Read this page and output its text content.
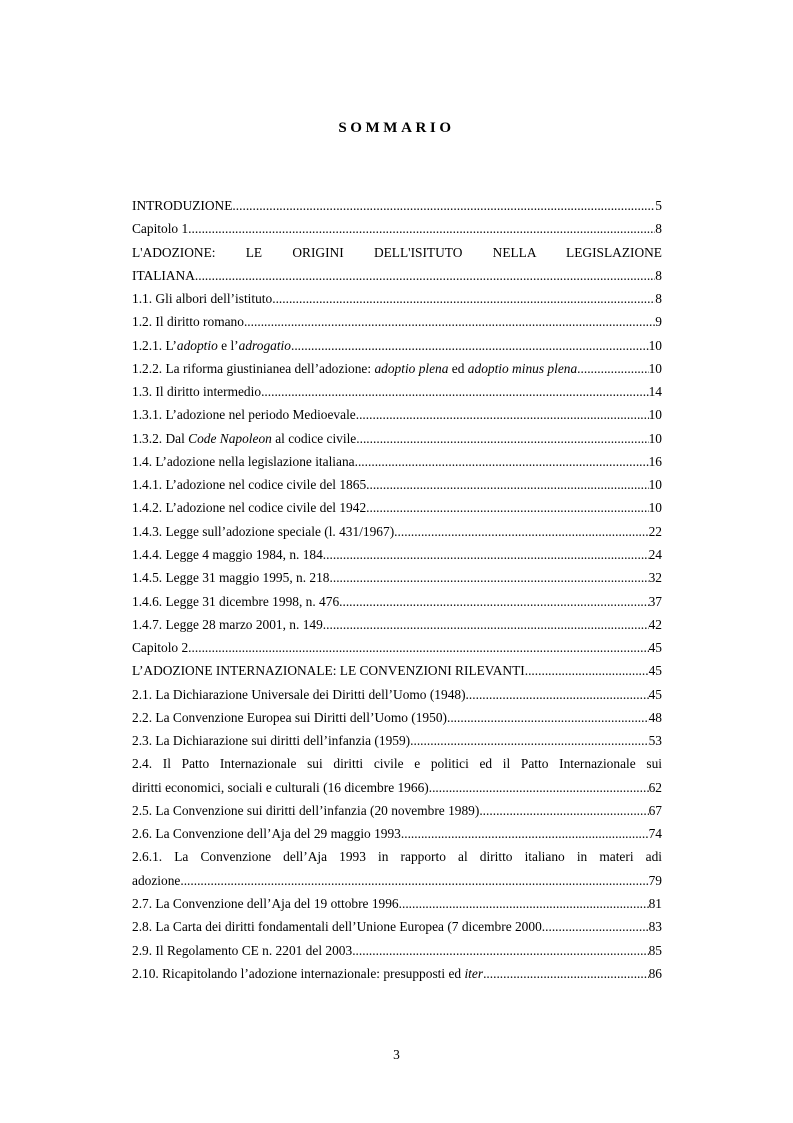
SOMMARIO
INTRODUZIONE .....	5
Capitolo 1 .....	8
L'ADOZIONE: LE ORIGINI DELL'ISITUTO NELLA LEGISLAZIONE
ITALIANA .....	8
1.1. Gli albori dell’istituto .....	8
1.2. Il diritto romano .....	9
1.2.1. L’adoptio e l’adrogatio .....	10
1.2.2. La riforma giustinianea dell’adozione: adoptio plena ed adoptio minus plena .....	10
1.3. Il diritto intermedio .....	14
1.3.1. L’adozione nel periodo Medioevale .....	10
1.3.2. Dal Code Napoleon al codice civile .....	10
1.4. L’adozione nella legislazione italiana .....	16
1.4.1. L’adozione nel codice civile del 1865 .....	10
1.4.2. L’adozione nel codice civile del 1942 .....	10
1.4.3. Legge sull’adozione speciale (l. 431/1967) .....	22
1.4.4. Legge 4 maggio 1984, n. 184 .....	24
1.4.5. Legge 31 maggio 1995, n. 218 .....	32
1.4.6. Legge 31 dicembre 1998, n. 476 .....	37
1.4.7. Legge 28 marzo 2001, n. 149 .....	42
Capitolo 2 .....	45
L’ADOZIONE INTERNAZIONALE: LE CONVENZIONI RILEVANTI .....	45
2.1. La Dichiarazione Universale dei Diritti dell’Uomo (1948) .....	45
2.2. La Convenzione Europea sui Diritti dell’Uomo (1950) .....	48
2.3. La Dichiarazione sui diritti dell’infanzia (1959) .....	53
2.4. Il Patto Internazionale sui diritti civile e politici ed il Patto Internazionale sui
diritti economici, sociali e culturali (16 dicembre 1966) .....	62
2.5. La Convenzione sui diritti dell’infanzia (20 novembre 1989) .....	67
2.6. La Convenzione dell’Aja del 29 maggio 1993 .....	74
2.6.1. La Convenzione dell’Aja 1993 in rapporto al diritto italiano in materi adi
adozione .....	79
2.7. La Convenzione dell’Aja del 19 ottobre 1996 .....	81
2.8. La Carta dei diritti fondamentali dell’Unione Europea (7 dicembre 2000 .....	83
2.9. Il Regolamento CE n. 2201 del 2003 .....	85
2.10. Ricapitolando l’adozione internazionale: presupposti ed iter .....	86
3
